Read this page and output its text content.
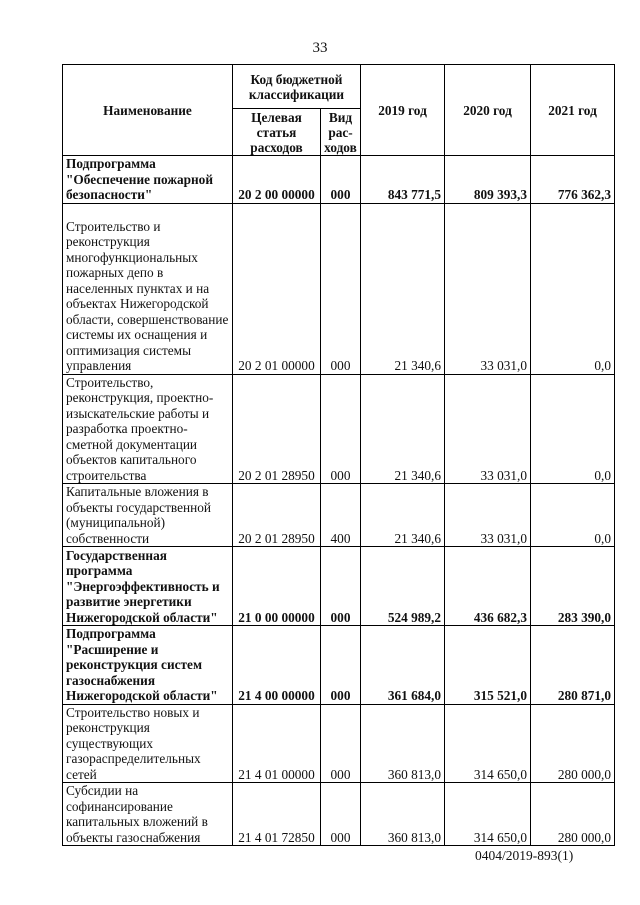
33
Наименование	Код бюджетной классификации		2019 год	2020 год	2021 год
	Целевая статья расходов	Вид рас- ходов			
Подпрограмма "Обеспечение пожарной безопасности"	20 2 00 00000	000	843 771,5	809 393,3	776 362,3
Строительство и реконструкция многофункциональных пожарных депо в населенных пунктах и на объектах Нижегородской области, совершенствование системы их оснащения и оптимизация системы управления	20 2 01 00000	000	21 340,6	33 031,0	0,0
Строительство, реконструкция, проектно-изыскательские работы и разработка проектно-сметной документации объектов капитального строительства	20 2 01 28950	000	21 340,6	33 031,0	0,0
Капитальные вложения в объекты государственной (муниципальной) собственности	20 2 01 28950	400	21 340,6	33 031,0	0,0
Государственная программа "Энергоэффективность и развитие энергетики Нижегородской области"	21 0 00 00000	000	524 989,2	436 682,3	283 390,0
Подпрограмма "Расширение и реконструкция систем газоснабжения Нижегородской области"	21 4 00 00000	000	361 684,0	315 521,0	280 871,0
Строительство новых и реконструкция существующих газораспределительных сетей	21 4 01 00000	000	360 813,0	314 650,0	280 000,0
Субсидии на софинансирование капитальных вложений в объекты газоснабжения	21 4 01 72850	000	360 813,0	314 650,0	280 000,0
0404/2019-893(1)
